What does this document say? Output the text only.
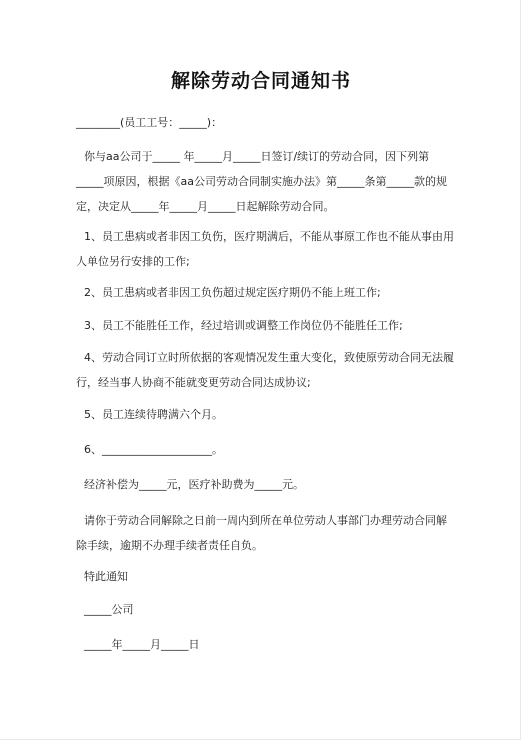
解除劳动合同通知书
________(员工工号：_____)：
你与aa公司于_____ 年_____月_____日签订/续订的劳动合同，因下列第_____项原因，根据《aa公司劳动合同制实施办法》第_____条第_____款的规定，决定从_____年_____月_____日起解除劳动合同。
1、员工患病或者非因工负伤，医疗期满后，不能从事原工作也不能从事由用人单位另行安排的工作;
2、员工患病或者非因工负伤超过规定医疗期仍不能上班工作;
3、员工不能胜任工作，经过培训或调整工作岗位仍不能胜任工作;
4、劳动合同订立时所依据的客观情况发生重大变化，致使原劳动合同无法履行，经当事人协商不能就变更劳动合同达成协议;
5、员工连续待聘满六个月。
6、____________________。
经济补偿为_____元，医疗补助费为_____元。
请你于劳动合同解除之日前一周内到所在单位劳动人事部门办理劳动合同解除手续，逾期不办理手续者责任自负。
特此通知
_____公司
_____年_____月_____日
